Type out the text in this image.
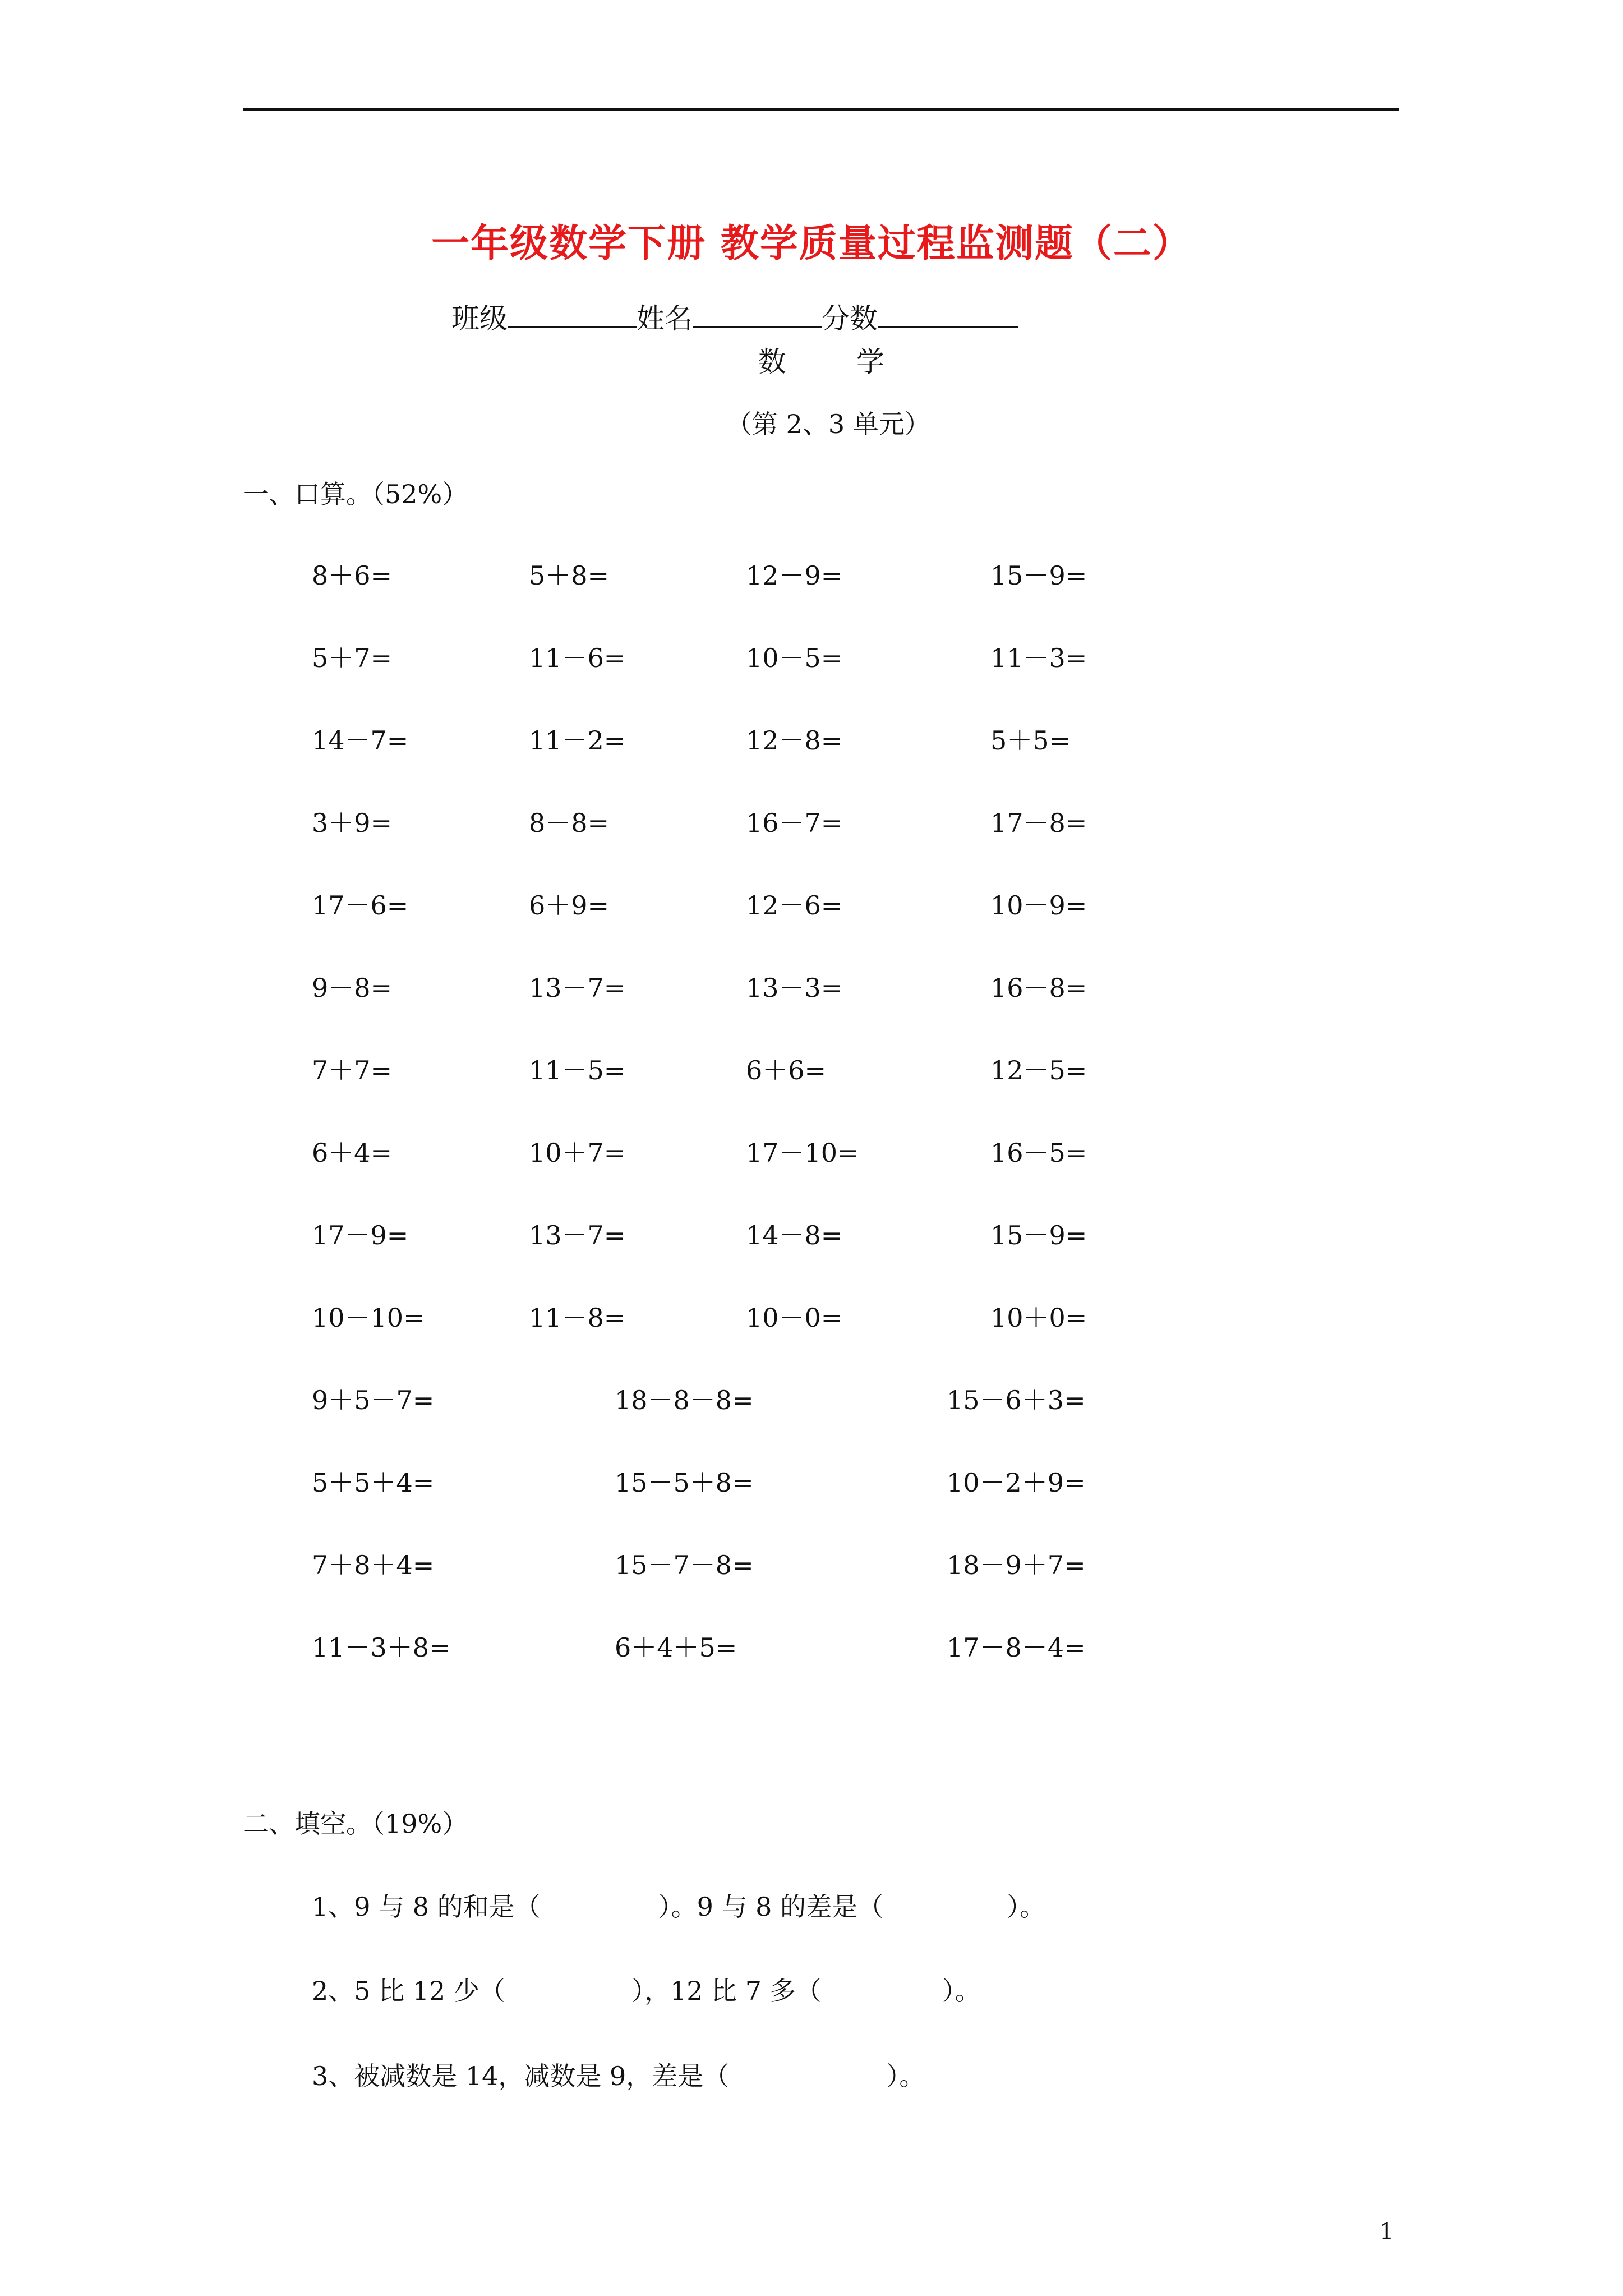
一年级数学下册 教学质量过程监测题（二）
班级	姓名	分数
数	学
（第 2、3 单元）
一、口算。（52%）
8＋6=	5＋8=	12－9=	15－9=
5＋7=	11－6=	10－5=	11－3=
14－7=	11－2=	12－8=	5＋5=
3＋9=	8－8=	16－7=	17－8=
17－6=	6＋9=	12－6=	10－9=
9－8=	13－7=	13－3=	16－8=
7＋7=	11－5=	6＋6=	12－5=
6＋4=	10＋7=	17－10=	16－5=
17－9=	13－7=	14－8=	15－9=
10－10=	11－8=	10－0=	10＋0=
9＋5－7=	18－8－8=	15－6＋3=
5＋5＋4=	15－5＋8=	10－2＋9=
7＋8＋4=	15－7－8=	18－9＋7=
11－3＋8=	6＋4＋5=	17－8－4=
二、填空。（19%）
1、9 与 8 的和是（	）。9 与 8 的差是（	）。
2、5 比 12 少（	），12 比 7 多（	）。
3、被减数是 14，减数是 9，差是（	）。
1
